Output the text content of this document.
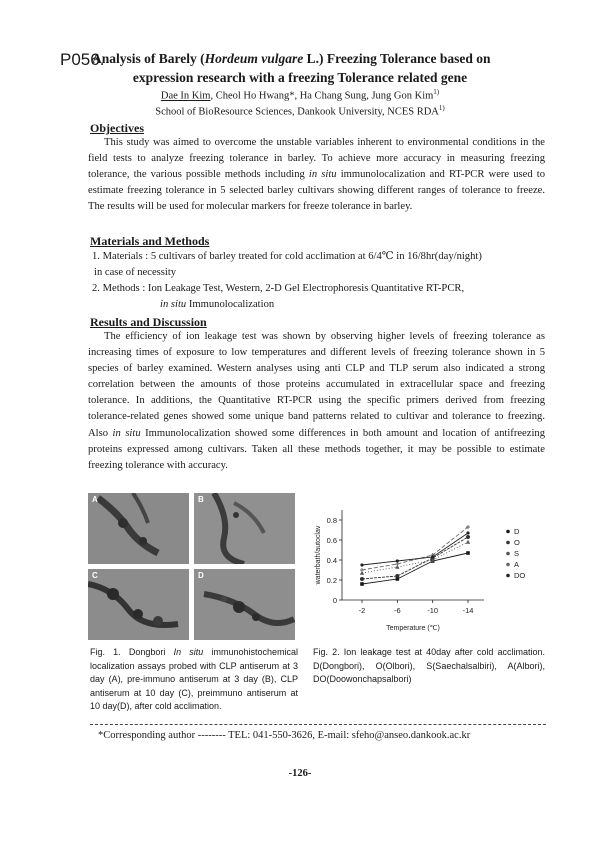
P056.
Analysis of Barely (Hordeum vulgare L.) Freezing Tolerance based on
expression research with a freezing Tolerance related gene
Dae In Kim, Cheol Ho Hwang*, Ha Chang Sung, Jung Gon Kim$^{1)}$
School of BioResource Sciences, Dankook University, NCES RDA$^{1)}$
Objectives
This study was aimed to overcome the unstable variables inherent to environmental conditions in the field tests to analyze freezing tolerance in barley. To achieve more accuracy in measuring freezing tolerance, the various possible methods including in situ immunolocalization and RT-PCR were used to estimate freezing tolerance in 5 selected barley cultivars showing different ranges of tolerance to freeze. The results will be used for molecular markers for freeze tolerance in barley.
Materials and Methods
1. Materials : 5 cultivars of barley treated for cold acclimation at 6/4℃ in 16/8hr(day/night)
in case of necessity
2. Methods : Ion Leakage Test, Western, 2-D Gel Electrophoresis Quantitative RT-PCR,
in situ Immunolocalization
Results and Discussion
The efficiency of ion leakage test was shown by observing higher levels of freezing tolerance as increasing times of exposure to low temperatures and different levels of freezing tolerance shown in 5 species of barley examined. Western analyses using anti CLP and TLP serum also indicated a strong correlation between the amounts of those proteins accumulated in extracellular space and freezing tolerance. In additions, the Quantitative RT-PCR using the specific primers derived from freezing tolerance-related genes showed some unique band patterns related to cultivar and tolerance to freezing. Also in situ Immunolocalization showed some differences in both amount and location of antifreezing proteins expressed among cultivars. Taken all these methods together, it may be possible to estimate freezing tolerance with accuracy.
A	B
C	D
0
0.2
0.4
0.6
0.8
-2	-6	-10	-14
Temperature (℃)
waterbath/autoclav	D
O
S
A
DO
Fig. 1. Dongbori In situ immunohistochemical localization assays probed with CLP antiserum at 3 day (A), pre-immuno antiserum at 3 day (B), CLP antiserum at 10 day (C), preimmuno antiserum at 10 day(D), after cold acclimation.
Fig. 2. Ion leakage test at 40day after cold acclimation. D(Dongbori), O(Olbori), S(Saechalsalbiri), A(Albori), DO(Doowonchapsalbori)
*Corresponding author -------- TEL: 041-550-3626, E-mail: sfeho@anseo.dankook.ac.kr
-126-
